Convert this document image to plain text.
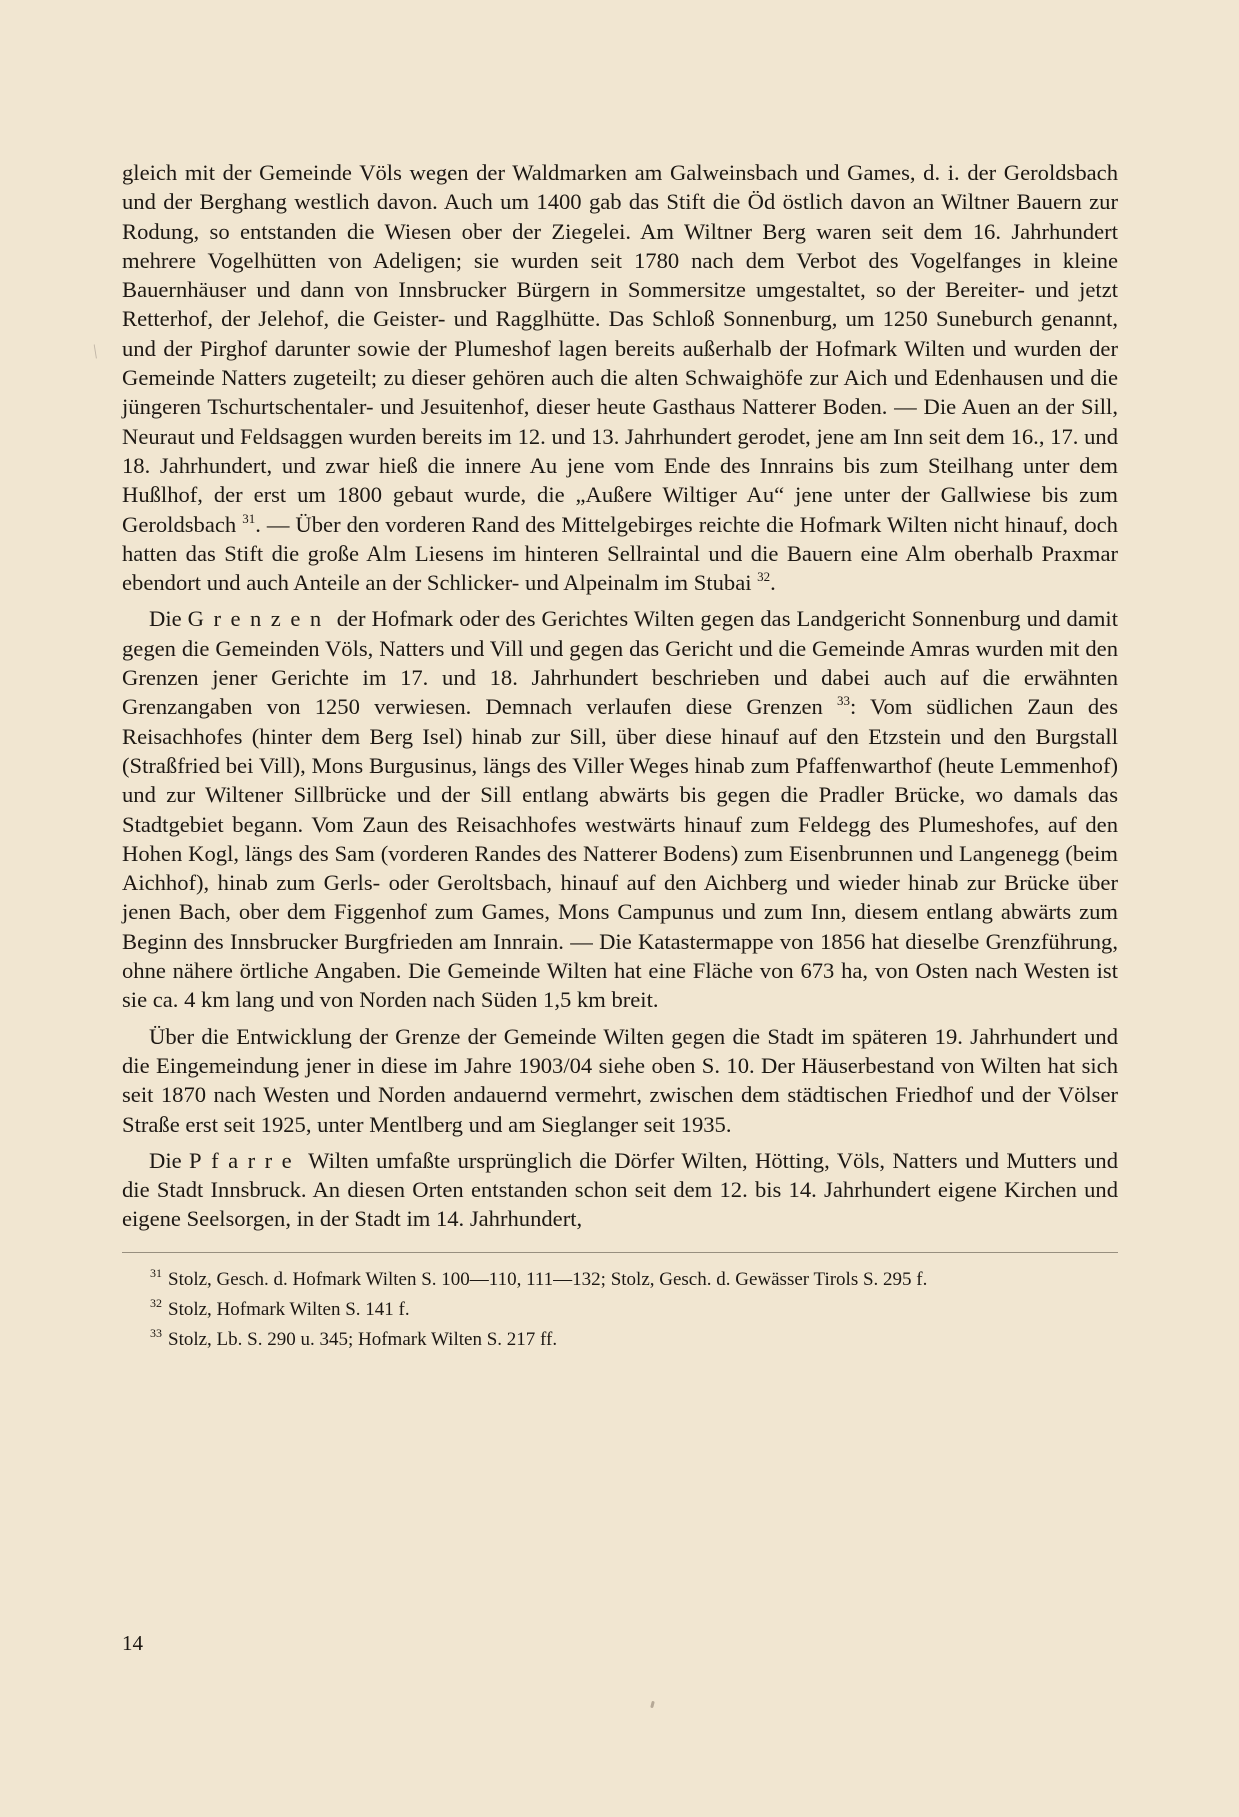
/

gleich mit der Gemeinde Völs wegen der Waldmarken am Galweinsbach und Games, d. i. der Geroldsbach und der Berghang westlich davon. Auch um 1400 gab das Stift die Öd östlich davon an Wiltner Bauern zur Rodung, so entstanden die Wiesen ober der Ziegelei. Am Wiltner Berg waren seit dem 16. Jahrhundert mehrere Vogelhütten von Adeligen; sie wurden seit 1780 nach dem Verbot des Vogelfanges in kleine Bauernhäuser und dann von Innsbrucker Bürgern in Sommersitze umgestaltet, so der Bereiter- und jetzt Retterhof, der Jelehof, die Geister- und Ragglhütte. Das Schloß Sonnenburg, um 1250 Suneburch genannt, und der Pirghof darunter sowie der Plumeshof lagen bereits außerhalb der Hofmark Wilten und wurden der Gemeinde Natters zugeteilt; zu dieser gehören auch die alten Schwaighöfe zur Aich und Edenhausen und die jüngeren Tschurtschentaler- und Jesuitenhof, dieser heute Gasthaus Natterer Boden. — Die Auen an der Sill, Neuraut und Feldsaggen wurden bereits im 12. und 13. Jahrhundert gerodet, jene am Inn seit dem 16., 17. und 18. Jahrhundert, und zwar hieß die innere Au jene vom Ende des Innrains bis zum Steilhang unter dem Hußlhof, der erst um 1800 gebaut wurde, die „Außere Wiltiger Au“ jene unter der Gallwiese bis zum Geroldsbach $^{31}$. — Über den vorderen Rand des Mittelgebirges reichte die Hofmark Wilten nicht hinauf, doch hatten das Stift die große Alm Liesens im hinteren Sellraintal und die Bauern eine Alm oberhalb Praxmar ebendort und auch Anteile an der Schlicker- und Alpeinalm im Stubai $^{32}$.

Die Grenzen der Hofmark oder des Gerichtes Wilten gegen das Landgericht Sonnenburg und damit gegen die Gemeinden Völs, Natters und Vill und gegen das Gericht und die Gemeinde Amras wurden mit den Grenzen jener Gerichte im 17. und 18. Jahrhundert beschrieben und dabei auch auf die erwähnten Grenzangaben von 1250 verwiesen. Demnach verlaufen diese Grenzen $^{33}$: Vom südlichen Zaun des Reisachhofes (hinter dem Berg Isel) hinab zur Sill, über diese hinauf auf den Etzstein und den Burgstall (Straßfried bei Vill), Mons Burgusinus, längs des Viller Weges hinab zum Pfaffenwarthof (heute Lemmenhof) und zur Wiltener Sillbrücke und der Sill entlang abwärts bis gegen die Pradler Brücke, wo damals das Stadtgebiet begann. Vom Zaun des Reisachhofes westwärts hinauf zum Feldegg des Plumeshofes, auf den Hohen Kogl, längs des Sam (vorderen Randes des Natterer Bodens) zum Eisenbrunnen und Langenegg (beim Aichhof), hinab zum Gerls- oder Geroltsbach, hinauf auf den Aichberg und wieder hinab zur Brücke über jenen Bach, ober dem Figgenhof zum Games, Mons Campunus und zum Inn, diesem entlang abwärts zum Beginn des Innsbrucker Burgfrieden am Innrain. — Die Katastermappe von 1856 hat dieselbe Grenzführung, ohne nähere örtliche Angaben. Die Gemeinde Wilten hat eine Fläche von 673 ha, von Osten nach Westen ist sie ca. 4 km lang und von Norden nach Süden 1,5 km breit.

Über die Entwicklung der Grenze der Gemeinde Wilten gegen die Stadt im späteren 19. Jahrhundert und die Eingemeindung jener in diese im Jahre 1903/04 siehe oben S. 10. Der Häuserbestand von Wilten hat sich seit 1870 nach Westen und Norden andauernd vermehrt, zwischen dem städtischen Friedhof und der Völser Straße erst seit 1925, unter Mentlberg und am Sieglanger seit 1935.

Die Pfarre Wilten umfaßte ursprünglich die Dörfer Wilten, Hötting, Völs, Natters und Mutters und die Stadt Innsbruck. An diesen Orten entstanden schon seit dem 12. bis 14. Jahrhundert eigene Kirchen und eigene Seelsorgen, in der Stadt im 14. Jahrhundert,

31 Stolz, Gesch. d. Hofmark Wilten S. 100—110, 111—132; Stolz, Gesch. d. Gewässer Tirols S. 295 f.

32 Stolz, Hofmark Wilten S. 141 f.

33 Stolz, Lb. S. 290 u. 345; Hofmark Wilten S. 217 ff.

14
